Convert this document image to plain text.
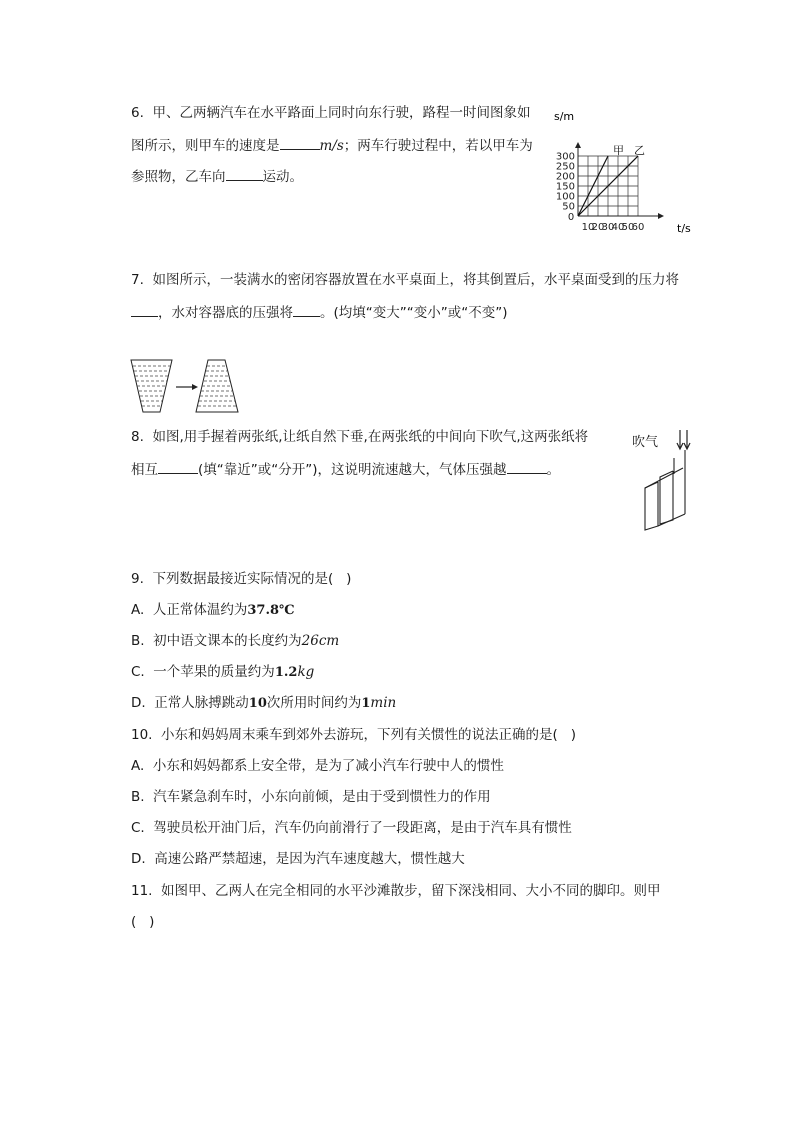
6.  甲、乙两辆汽车在水平路面上同时向东行驶，路程一时间图象如
图所示，则甲车的速度是	m/s；两车行驶过程中，若以甲车为
参照物，乙车向	运动。
甲 乙
50
100
150
200
250
300
0
10
20
30
40
50
60
s/m
t/s
7.  如图所示，一装满水的密闭容器放置在水平桌面上，将其倒置后，水平桌面受到的压力将
，水对容器底的压强将 。(均填“变大”“变小”或“不变”)
8.  如图,用手握着两张纸,让纸自然下垂,在两张纸的中间向下吹气,这两张纸将
相互	(填“靠近”或“分开”)，这说明流速越大，气体压强越	。
吹气
9.  下列数据最接近实际情况的是(   )
A.  人正常体温约为37.8℃
B.  初中语文课本的长度约为26cm
C.  一个苹果的质量约为1.2kg
D.  正常人脉搏跳动10次所用时间约为1min
10.  小东和妈妈周末乘车到郊外去游玩，下列有关惯性的说法正确的是(   )
A.  小东和妈妈都系上安全带，是为了减小汽车行驶中人的惯性
B.  汽车紧急刹车时，小东向前倾，是由于受到惯性力的作用
C.  驾驶员松开油门后，汽车仍向前滑行了一段距离，是由于汽车具有惯性
D.  高速公路严禁超速，是因为汽车速度越大，惯性越大
11.  如图甲、乙两人在完全相同的水平沙滩散步，留下深浅相同、大小不同的脚印。则甲
(   )
